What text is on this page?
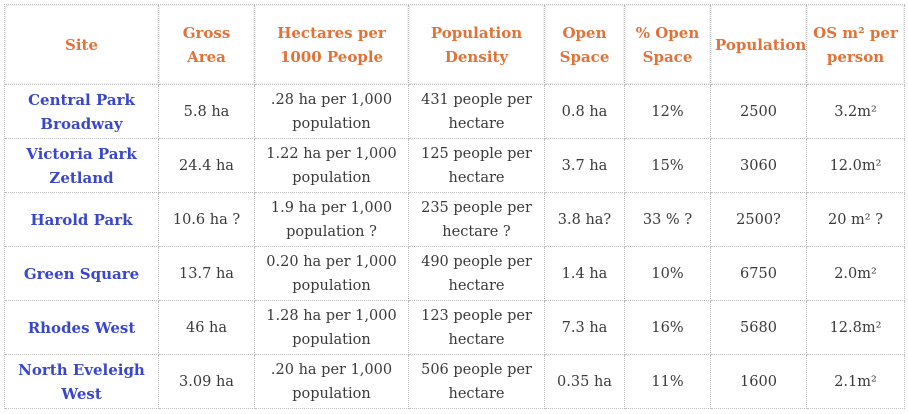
Site	Gross Area	Hectares per 1000 People	Population Density	Open Space	% Open Space	Population	OS m² per person
Central Park Broadway	5.8 ha	.28 ha per 1,000 population	431 people per hectare	0.8 ha	12%	2500	3.2m²
Victoria Park Zetland	24.4 ha	1.22 ha per 1,000 population	125 people per hectare	3.7 ha	15%	3060	12.0m²
Harold Park	10.6 ha ?	1.9 ha per 1,000 population ?	235 people per hectare ?	3.8 ha?	33 % ?	2500?	20 m² ?
Green Square	13.7 ha	0.20 ha per 1,000 population	490 people per hectare	1.4 ha	10%	6750	2.0m²
Rhodes West	46 ha	1.28 ha per 1,000 population	123 people per hectare	7.3 ha	16%	5680	12.8m²
North Eveleigh West	3.09 ha	.20 ha per 1,000 population	506 people per hectare	0.35 ha	11%	1600	2.1m²
